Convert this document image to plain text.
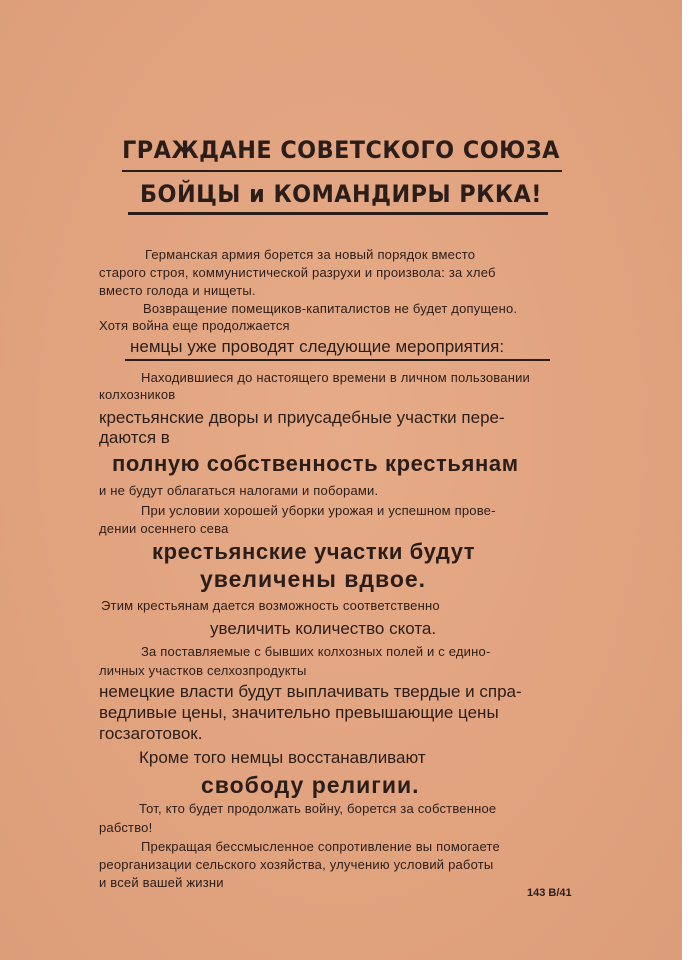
ГРАЖДАНЕ СОВЕТСКОГО СОЮЗА
БОЙЦЫ и КОМАНДИРЫ РККА!
Германская армия борется за новый порядок вместо
старого строя, коммунистической разрухи и произвола: за хлеб
вместо голода и нищеты.
Возвращение помещиков-капиталистов не будет допущено.
Хотя война еще продолжается
немцы уже проводят следующие мероприятия:
Находившиеся до настоящего времени в личном пользовании
колхозников
крестьянские дворы и приусадебные участки пере-
даются в
полную собственность крестьянам
и не будут облагаться налогами и поборами.
При условии хорошей уборки урожая и успешном прове-
дении осеннего сева
крестьянские участки будут
увеличены вдвое.
Этим крестьянам дается возможность соответственно
увеличить количество скота.
За поставляемые с бывших колхозных полей и с едино-
личных участков селхозпродукты
немецкие власти будут выплачивать твердые и спра-
ведливые цены, значительно превышающие цены
госзаготовок.
Кроме того немцы восстанавливают
свободу религии.
Тот, кто будет продолжать войну, борется за собственное
рабство!
Прекращая бессмысленное сопротивление вы помогаете
реорганизации сельского хозяйства, улучению условий работы
и всей вашей жизни
143 B/41
